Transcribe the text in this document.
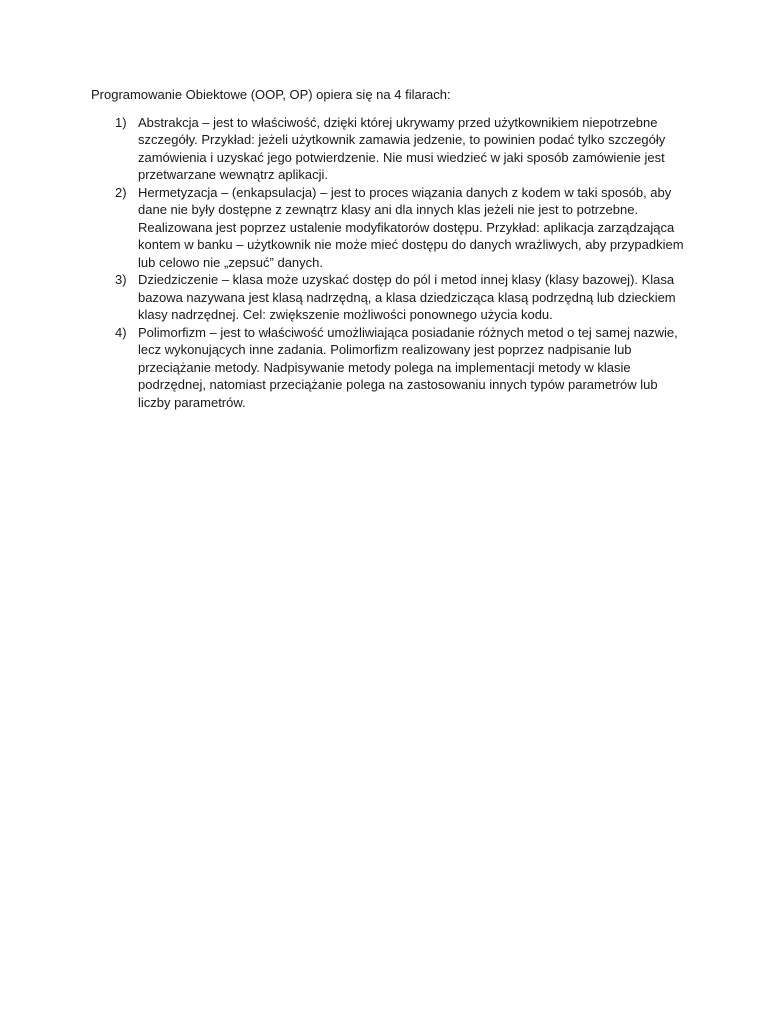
Programowanie Obiektowe (OOP, OP) opiera się na 4 filarach:

1) Abstrakcja – jest to właściwość, dzięki której ukrywamy przed użytkownikiem niepotrzebne szczegóły. Przykład: jeżeli użytkownik zamawia jedzenie, to powinien podać tylko szczegóły zamówienia i uzyskać jego potwierdzenie. Nie musi wiedzieć w jaki sposób zamówienie jest przetwarzane wewnątrz aplikacji.
2) Hermetyzacja – (enkapsulacja) – jest to proces wiązania danych z kodem w taki sposób, aby dane nie były dostępne z zewnątrz klasy ani dla innych klas jeżeli nie jest to potrzebne. Realizowana jest poprzez ustalenie modyfikatorów dostępu. Przykład: aplikacja zarządzająca kontem w banku – użytkownik nie może mieć dostępu do danych wrażliwych, aby przypadkiem lub celowo nie „zepsuć” danych.
3) Dziedziczenie – klasa może uzyskać dostęp do pól i metod innej klasy (klasy bazowej). Klasa bazowa nazywana jest klasą nadrzędną, a klasa dziedzicząca klasą podrzędną lub dzieckiem klasy nadrzędnej. Cel: zwiększenie możliwości ponownego użycia kodu.
4) Polimorfizm – jest to właściwość umożliwiająca posiadanie różnych metod o tej samej nazwie, lecz wykonujących inne zadania. Polimorfizm realizowany jest poprzez nadpisanie lub przeciążanie metody. Nadpisywanie metody polega na implementacji metody w klasie podrzędnej, natomiast przeciążanie polega na zastosowaniu innych typów parametrów lub liczby parametrów.
